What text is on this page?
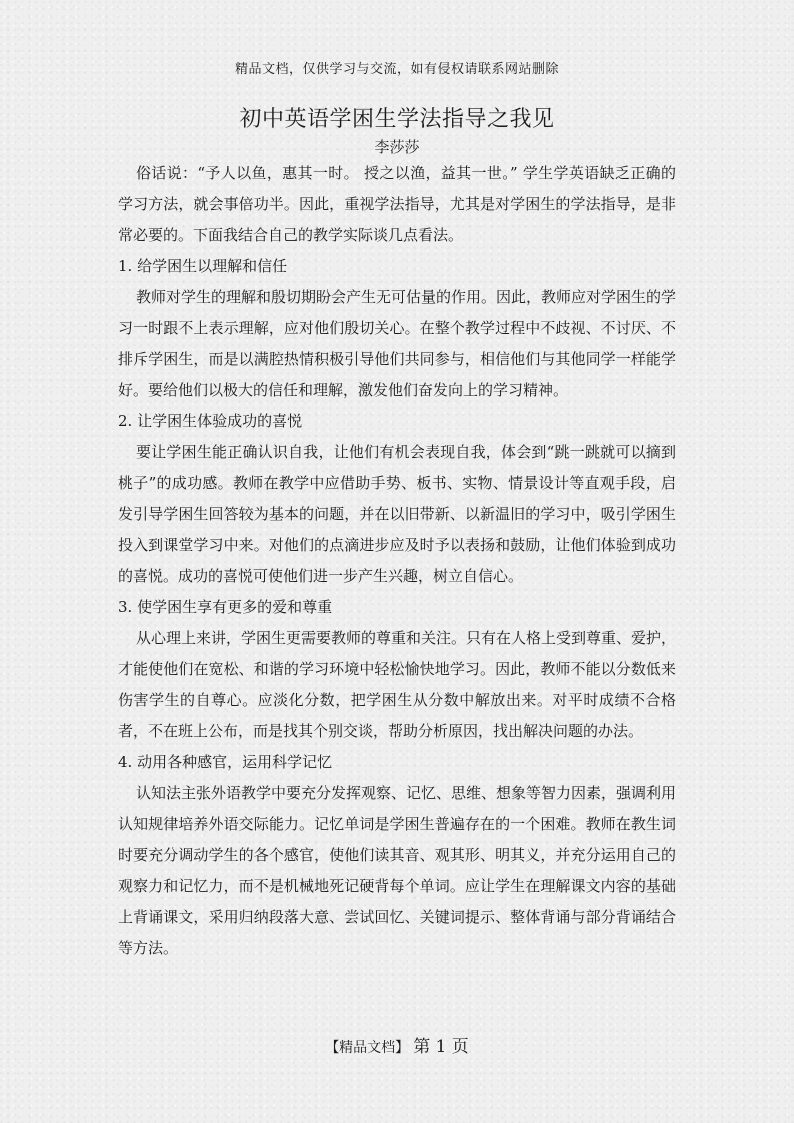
精品文档，仅供学习与交流，如有侵权请联系网站删除
初中英语学困生学法指导之我见
李莎莎

俗话说：“予人以鱼，惠其一时。 授之以渔，益其一世。” 学生学英语缺乏正确的学习方法，就会事倍功半。因此，重视学法指导，尤其是对学困生的学法指导，是非常必要的。下面我结合自己的教学实际谈几点看法。

1. 给学困生以理解和信任

教师对学生的理解和殷切期盼会产生无可估量的作用。因此，教师应对学困生的学习一时跟不上表示理解，应对他们殷切关心。在整个教学过程中不歧视、不讨厌、不排斥学困生，而是以满腔热情积极引导他们共同参与，相信他们与其他同学一样能学好。要给他们以极大的信任和理解，激发他们奋发向上的学习精神。

2. 让学困生体验成功的喜悦

要让学困生能正确认识自我，让他们有机会表现自我，体会到“跳一跳就可以摘到桃子”的成功感。教师在教学中应借助手势、板书、实物、情景设计等直观手段，启发引导学困生回答较为基本的问题，并在以旧带新、以新温旧的学习中，吸引学困生投入到课堂学习中来。对他们的点滴进步应及时予以表扬和鼓励，让他们体验到成功的喜悦。成功的喜悦可使他们进一步产生兴趣，树立自信心。

3. 使学困生享有更多的爱和尊重

从心理上来讲，学困生更需要教师的尊重和关注。只有在人格上受到尊重、爱护，才能使他们在宽松、和谐的学习环境中轻松愉快地学习。因此，教师不能以分数低来伤害学生的自尊心。应淡化分数，把学困生从分数中解放出来。对平时成绩不合格者，不在班上公布，而是找其个别交谈，帮助分析原因，找出解决问题的办法。

4. 动用各种感官，运用科学记忆

认知法主张外语教学中要充分发挥观察、记忆、思维、想象等智力因素，强调利用认知规律培养外语交际能力。记忆单词是学困生普遍存在的一个困难。教师在教生词时要充分调动学生的各个感官，使他们读其音、观其形、明其义，并充分运用自己的观察力和记忆力，而不是机械地死记硬背每个单词。应让学生在理解课文内容的基础上背诵课文，采用归纳段落大意、尝试回忆、关键词提示、整体背诵与部分背诵结合等方法。

【精品文档】 第 1 页
